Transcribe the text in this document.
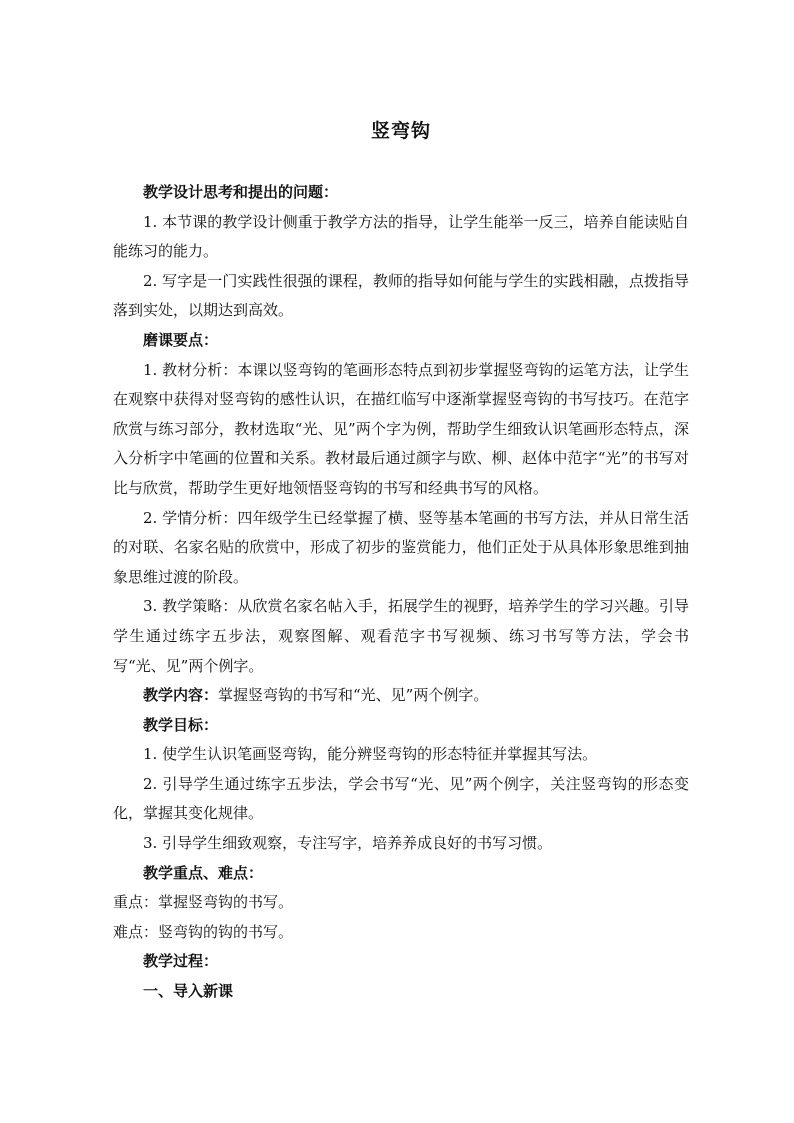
竖弯钩

教学设计思考和提出的问题：

1. 本节课的教学设计侧重于教学方法的指导，让学生能举一反三，培养自能读贴自能练习的能力。

2. 写字是一门实践性很强的课程，教师的指导如何能与学生的实践相融，点拨指导落到实处，以期达到高效。

磨课要点：

1. 教材分析：本课以竖弯钩的笔画形态特点到初步掌握竖弯钩的运笔方法，让学生在观察中获得对竖弯钩的感性认识，在描红临写中逐渐掌握竖弯钩的书写技巧。在范字欣赏与练习部分，教材选取“光、见”两个字为例，帮助学生细致认识笔画形态特点，深入分析字中笔画的位置和关系。教材最后通过颜字与欧、柳、赵体中范字“光”的书写对比与欣赏，帮助学生更好地领悟竖弯钩的书写和经典书写的风格。

2. 学情分析：四年级学生已经掌握了横、竖等基本笔画的书写方法，并从日常生活的对联、名家名贴的欣赏中，形成了初步的鉴赏能力，他们正处于从具体形象思维到抽象思维过渡的阶段。

3. 教学策略：从欣赏名家名帖入手，拓展学生的视野，培养学生的学习兴趣。引导学生通过练字五步法，观察图解、观看范字书写视频、练习书写等方法，学会书写“光、见”两个例字。

教学内容：掌握竖弯钩的书写和“光、见”两个例字。

教学目标：

1. 使学生认识笔画竖弯钩，能分辨竖弯钩的形态特征并掌握其写法。

2. 引导学生通过练字五步法，学会书写“光、见”两个例字，关注竖弯钩的形态变化，掌握其变化规律。

3. 引导学生细致观察，专注写字，培养养成良好的书写习惯。

教学重点、难点：

重点：掌握竖弯钩的书写。

难点：竖弯钩的钩的书写。

教学过程：

一、导入新课
